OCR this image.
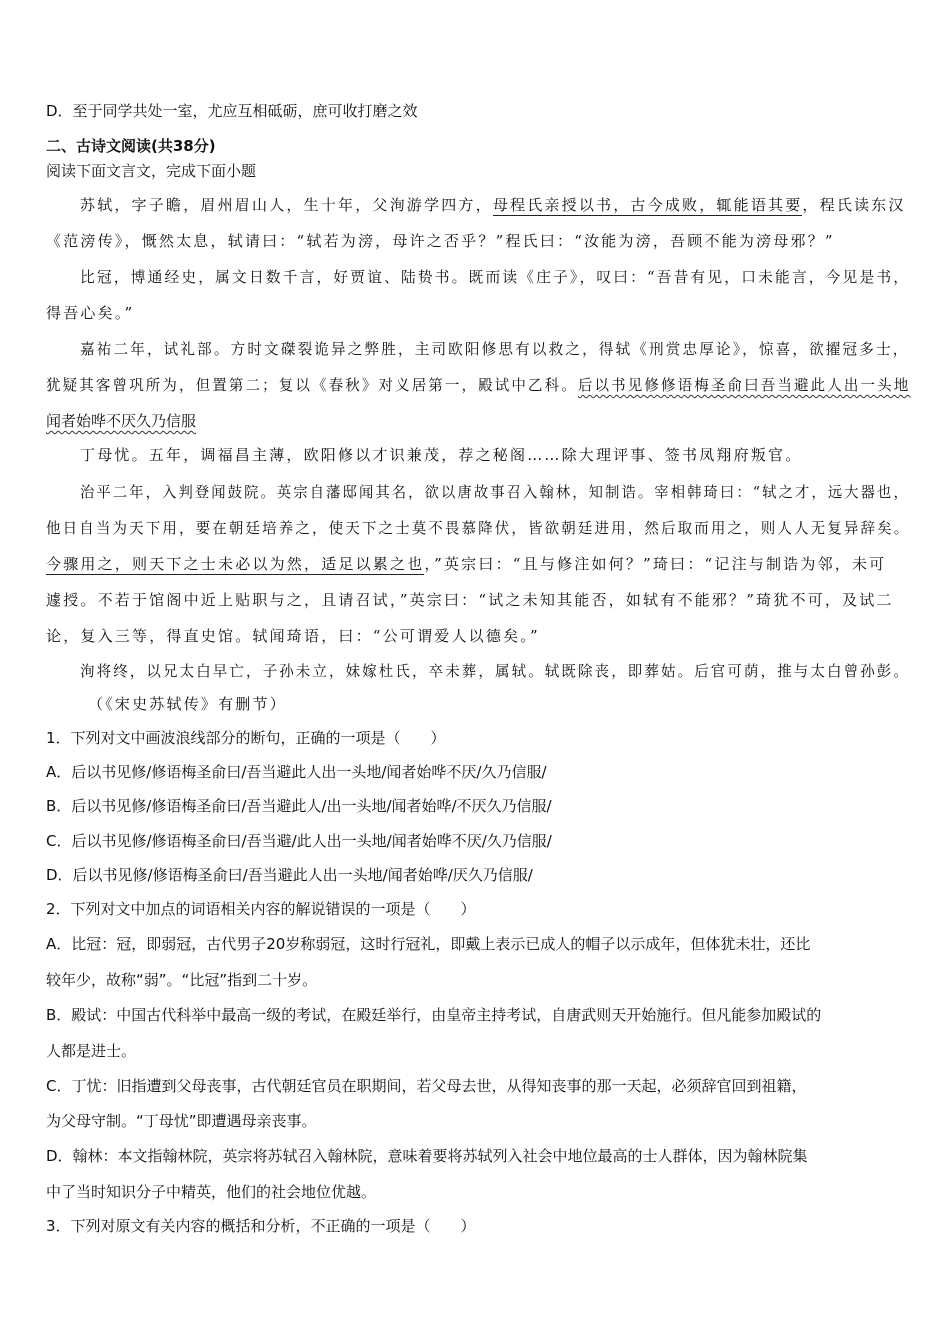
D．至于同学共处一室，尤应互相砥砺，庶可收打磨之效
二、古诗文阅读(共38分)
阅读下面文言文，完成下面小题
苏轼，字子瞻，眉州眉山人，生十年，父洵游学四方，母程氏亲授以书，古今成败，辄能语其要，程氏读东汉
《范滂传》，慨然太息，轼请曰：“轼若为滂，母许之否乎？”程氏曰：“汝能为滂，吾顾不能为滂母邪？”
比冠，博通经史，属文日数千言，好贾谊、陆贽书。既而读《庄子》，叹曰：“吾昔有见，口未能言，今见是书，
得吾心矣。”
嘉祐二年，试礼部。方时文磔裂诡异之弊胜，主司欧阳修思有以救之，得轼《刑赏忠厚论》，惊喜，欲擢冠多士，
犹疑其客曾巩所为，但置第二；复以《春秋》对义居第一，殿试中乙科。后以书见修修语梅圣俞曰吾当避此人出一头地
闻者始哗不厌久乃信服
丁母忧。五年，调福昌主薄，欧阳修以才识兼茂，荐之秘阁……除大理评事、签书凤翔府叛官。
治平二年，入判登闻鼓院。英宗自藩邸闻其名，欲以唐故事召入翰林，知制诰。宰相韩琦曰：“轼之才，远大器也，
他日自当为天下用，要在朝廷培养之，使天下之士莫不畏慕降伏，皆欲朝廷进用，然后取而用之，则人人无复异辞矣。
今骤用之，则天下之士未必以为然，适足以累之也，”英宗曰：“且与修注如何？”琦曰：“记注与制诰为邻，未可
遽授。不若于馆阁中近上贴职与之，且请召试，”英宗曰：“试之未知其能否，如轼有不能邪？”琦犹不可，及试二
论，复入三等，得直史馆。轼闻琦语，曰：“公可谓爱人以德矣。”
洵将终，以兄太白早亡，子孙未立，妹嫁杜氏，卒未葬，属轼。轼既除丧，即葬姑。后官可荫，推与太白曾孙彭。
（《宋史苏轼传》有删节）
1．下列对文中画波浪线部分的断句，正确的一项是（　　）
A．后以书见修/修语梅圣俞曰/吾当避此人出一头地/闻者始哗不厌/久乃信服/
B．后以书见修/修语梅圣俞曰/吾当避此人/出一头地/闻者始哗/不厌久乃信服/
C．后以书见修/修语梅圣俞曰/吾当避/此人出一头地/闻者始哗不厌/久乃信服/
D．后以书见修/修语梅圣俞曰/吾当避此人出一头地/闻者始哗/厌久乃信服/
2．下列对文中加点的词语相关内容的解说错误的一项是（　　）
A．比冠：冠，即弱冠，古代男子20岁称弱冠，这时行冠礼，即戴上表示已成人的帽子以示成年，但体犹未壮，还比
较年少，故称“弱”。“比冠”指到二十岁。
B．殿试：中国古代科举中最高一级的考试，在殿廷举行，由皇帝主持考试，自唐武则天开始施行。但凡能参加殿试的
人都是进士。
C．丁忧：旧指遭到父母丧事，古代朝廷官员在职期间，若父母去世，从得知丧事的那一天起，必须辞官回到祖籍，
为父母守制。“丁母忧”即遭遇母亲丧事。
D．翰林：本文指翰林院，英宗将苏轼召入翰林院，意味着要将苏轼列入社会中地位最高的士人群体，因为翰林院集
中了当时知识分子中精英，他们的社会地位优越。
3．下列对原文有关内容的概括和分析，不正确的一项是（　　）
